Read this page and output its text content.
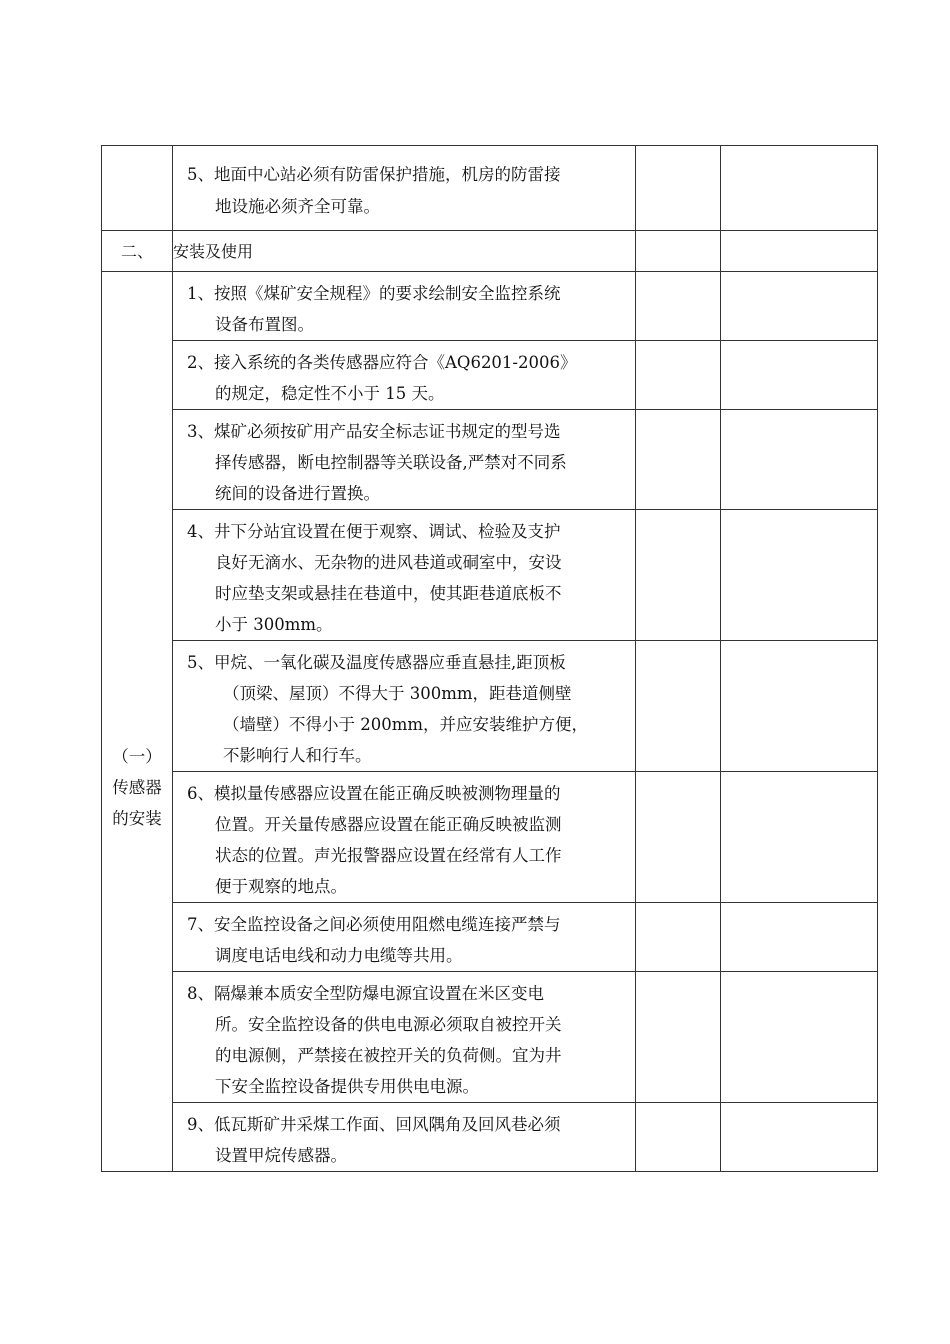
	5、地面中心站必须有防雷保护措施，机房的防雷接
地设施必须齐全可靠。		

二、	安装及使用		

（一）
传感器
的安装	1、按照《煤矿安全规程》的要求绘制安全监控系统
设备布置图。		

	2、接入系统的各类传感器应符合《AQ6201-2006》
的规定，稳定性不小于 15 天。		

	3、煤矿必须按矿用产品安全标志证书规定的型号选
择传感器，断电控制器等关联设备,严禁对不同系
统间的设备进行置换。		

	4、井下分站宜设置在便于观察、调试、检验及支护
良好无滴水、无杂物的进风巷道或硐室中，安设
时应垫支架或悬挂在巷道中，使其距巷道底板不
小于 300mm。		

	5、甲烷、一氧化碳及温度传感器应垂直悬挂,距顶板
（顶梁、屋顶）不得大于 300mm，距巷道侧壁
（墙壁）不得小于 200mm，并应安装维护方便，
不影响行人和行车。		

	6、模拟量传感器应设置在能正确反映被测物理量的
位置。开关量传感器应设置在能正确反映被监测
状态的位置。声光报警器应设置在经常有人工作
便于观察的地点。		

	7、安全监控设备之间必须使用阻燃电缆连接严禁与
调度电话电线和动力电缆等共用。		

	8、隔爆兼本质安全型防爆电源宜设置在米区变电
所。安全监控设备的供电电源必须取自被控开关
的电源侧，严禁接在被控开关的负荷侧。宜为井
下安全监控设备提供专用供电电源。		

	9、低瓦斯矿井采煤工作面、回风隅角及回风巷必须
设置甲烷传感器。		
